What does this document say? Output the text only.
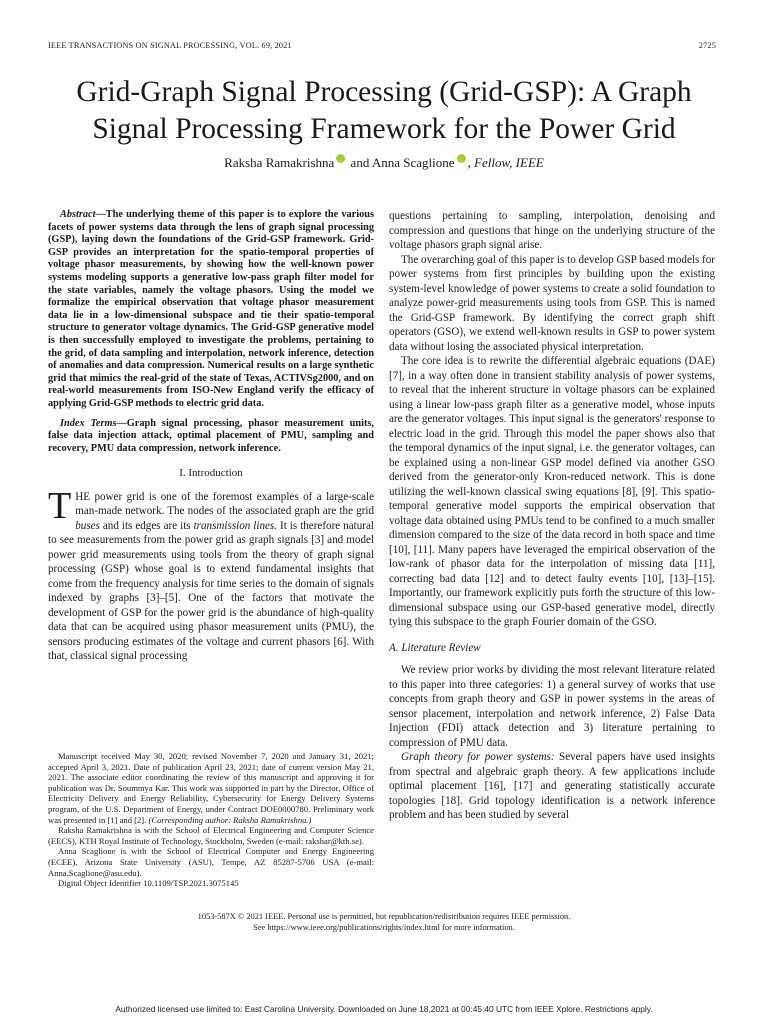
IEEE TRANSACTIONS ON SIGNAL PROCESSING, VOL. 69, 2021	2725
Grid-Graph Signal Processing (Grid-GSP): A Graph Signal Processing Framework for the Power Grid
Raksha Ramakrishna and Anna Scaglione , Fellow, IEEE

Abstract—The underlying theme of this paper is to explore the various facets of power systems data through the lens of graph signal processing (GSP), laying down the foundations of the Grid-GSP framework. Grid-GSP provides an interpretation for the spatio-temporal properties of voltage phasor measurements, by showing how the well-known power systems modeling supports a generative low-pass graph filter model for the state variables, namely the voltage phasors. Using the model we formalize the empirical observation that voltage phasor measurement data lie in a low-dimensional subspace and tie their spatio-temporal structure to generator voltage dynamics. The Grid-GSP generative model is then successfully employed to investigate the problems, pertaining to the grid, of data sampling and interpolation, network inference, detection of anomalies and data compression. Numerical results on a large synthetic grid that mimics the real-grid of the state of Texas, ACTIVSg2000, and on real-world measurements from ISO-New England verify the efficacy of applying Grid-GSP methods to electric grid data.

Index Terms—Graph signal processing, phasor measurement units, false data injection attack, optimal placement of PMU, sampling and recovery, PMU data compression, network inference.

I. Introduction

THE power grid is one of the foremost examples of a large-scale man-made network. The nodes of the associated graph are the grid buses and its edges are its transmission lines. It is therefore natural to see measurements from the power grid as graph signals [3] and model power grid measurements using tools from the theory of graph signal processing (GSP) whose goal is to extend fundamental insights that come from the frequency analysis for time series to the domain of signals indexed by graphs [3]–[5]. One of the factors that motivate the development of GSP for the power grid is the abundance of high-quality data that can be acquired using phasor measurement units (PMU), the sensors producing estimates of the voltage and current phasors [6]. With that, classical signal processing

Manuscript received May 30, 2020; revised November 7, 2020 and January 31, 2021; accepted April 3, 2021. Date of publication April 23, 2021; date of current version May 21, 2021. The associate editor coordinating the review of this manuscript and approving it for publication was Dr. Soummya Kar. This work was supported in part by the Director, Office of Electricity Delivery and Energy Reliability, Cybersecurity for Energy Delivery Systems program, of the U.S. Department of Energy, under Contract DOE0000780. Preliminary work was presented in [1] and [2]. (Corresponding author: Raksha Ramakrishna.)

Raksha Ramakrishna is with the School of Electrical Engineering and Computer Science (EECS), KTH Royal Institute of Technology, Stockholm, Sweden (e-mail: rakshar@kth.se).

Anna Scaglione is with the School of Electrical Computer and Energy Engineering (ECEE), Arizona State University (ASU), Tempe, AZ 85287-5706 USA (e-mail: Anna.Scaglione@asu.edu).

Digital Object Identifier 10.1109/TSP.2021.3075145

questions pertaining to sampling, interpolation, denoising and compression and questions that hinge on the underlying structure of the voltage phasors graph signal arise.

The overarching goal of this paper is to develop GSP based models for power systems from first principles by building upon the existing system-level knowledge of power systems to create a solid foundation to analyze power-grid measurements using tools from GSP. This is named the Grid-GSP framework. By identifying the correct graph shift operators (GSO), we extend well-known results in GSP to power system data without losing the associated physical interpretation.

The core idea is to rewrite the differential algebraic equations (DAE) [7], in a way often done in transient stability analysis of power systems, to reveal that the inherent structure in voltage phasors can be explained using a linear low-pass graph filter as a generative model, whose inputs are the generator voltages. This input signal is the generators' response to electric load in the grid. Through this model the paper shows also that the temporal dynamics of the input signal, i.e. the generator voltages, can be explained using a non-linear GSP model defined via another GSO derived from the generator-only Kron-reduced network. This is done utilizing the well-known classical swing equations [8], [9]. This spatio-temporal generative model supports the empirical observation that voltage data obtained using PMUs tend to be confined to a much smaller dimension compared to the size of the data record in both space and time [10], [11]. Many papers have leveraged the empirical observation of the low-rank of phasor data for the interpolation of missing data [11], correcting bad data [12] and to detect faulty events [10], [13]–[15]. Importantly, our framework explicitly puts forth the structure of this low-dimensional subspace using our GSP-based generative model, directly tying this subspace to the graph Fourier domain of the GSO.

A. Literature Review

We review prior works by dividing the most relevant literature related to this paper into three categories: 1) a general survey of works that use concepts from graph theory and GSP in power systems in the areas of sensor placement, interpolation and network inference, 2) False Data Injection (FDI) attack detection and 3) literature pertaining to compression of PMU data.

Graph theory for power systems: Several papers have used insights from spectral and algebraic graph theory. A few applications include optimal placement [16], [17] and generating statistically accurate topologies [18]. Grid topology identification is a network inference problem and has been studied by several

1053-587X © 2021 IEEE. Personal use is permitted, but republication/redistribution requires IEEE permission.
See https://www.ieee.org/publications/rights/index.html for more information.
Authorized licensed use limited to: East Carolina University. Downloaded on June 18,2021 at 00:45:40 UTC from IEEE Xplore. Restrictions apply.
